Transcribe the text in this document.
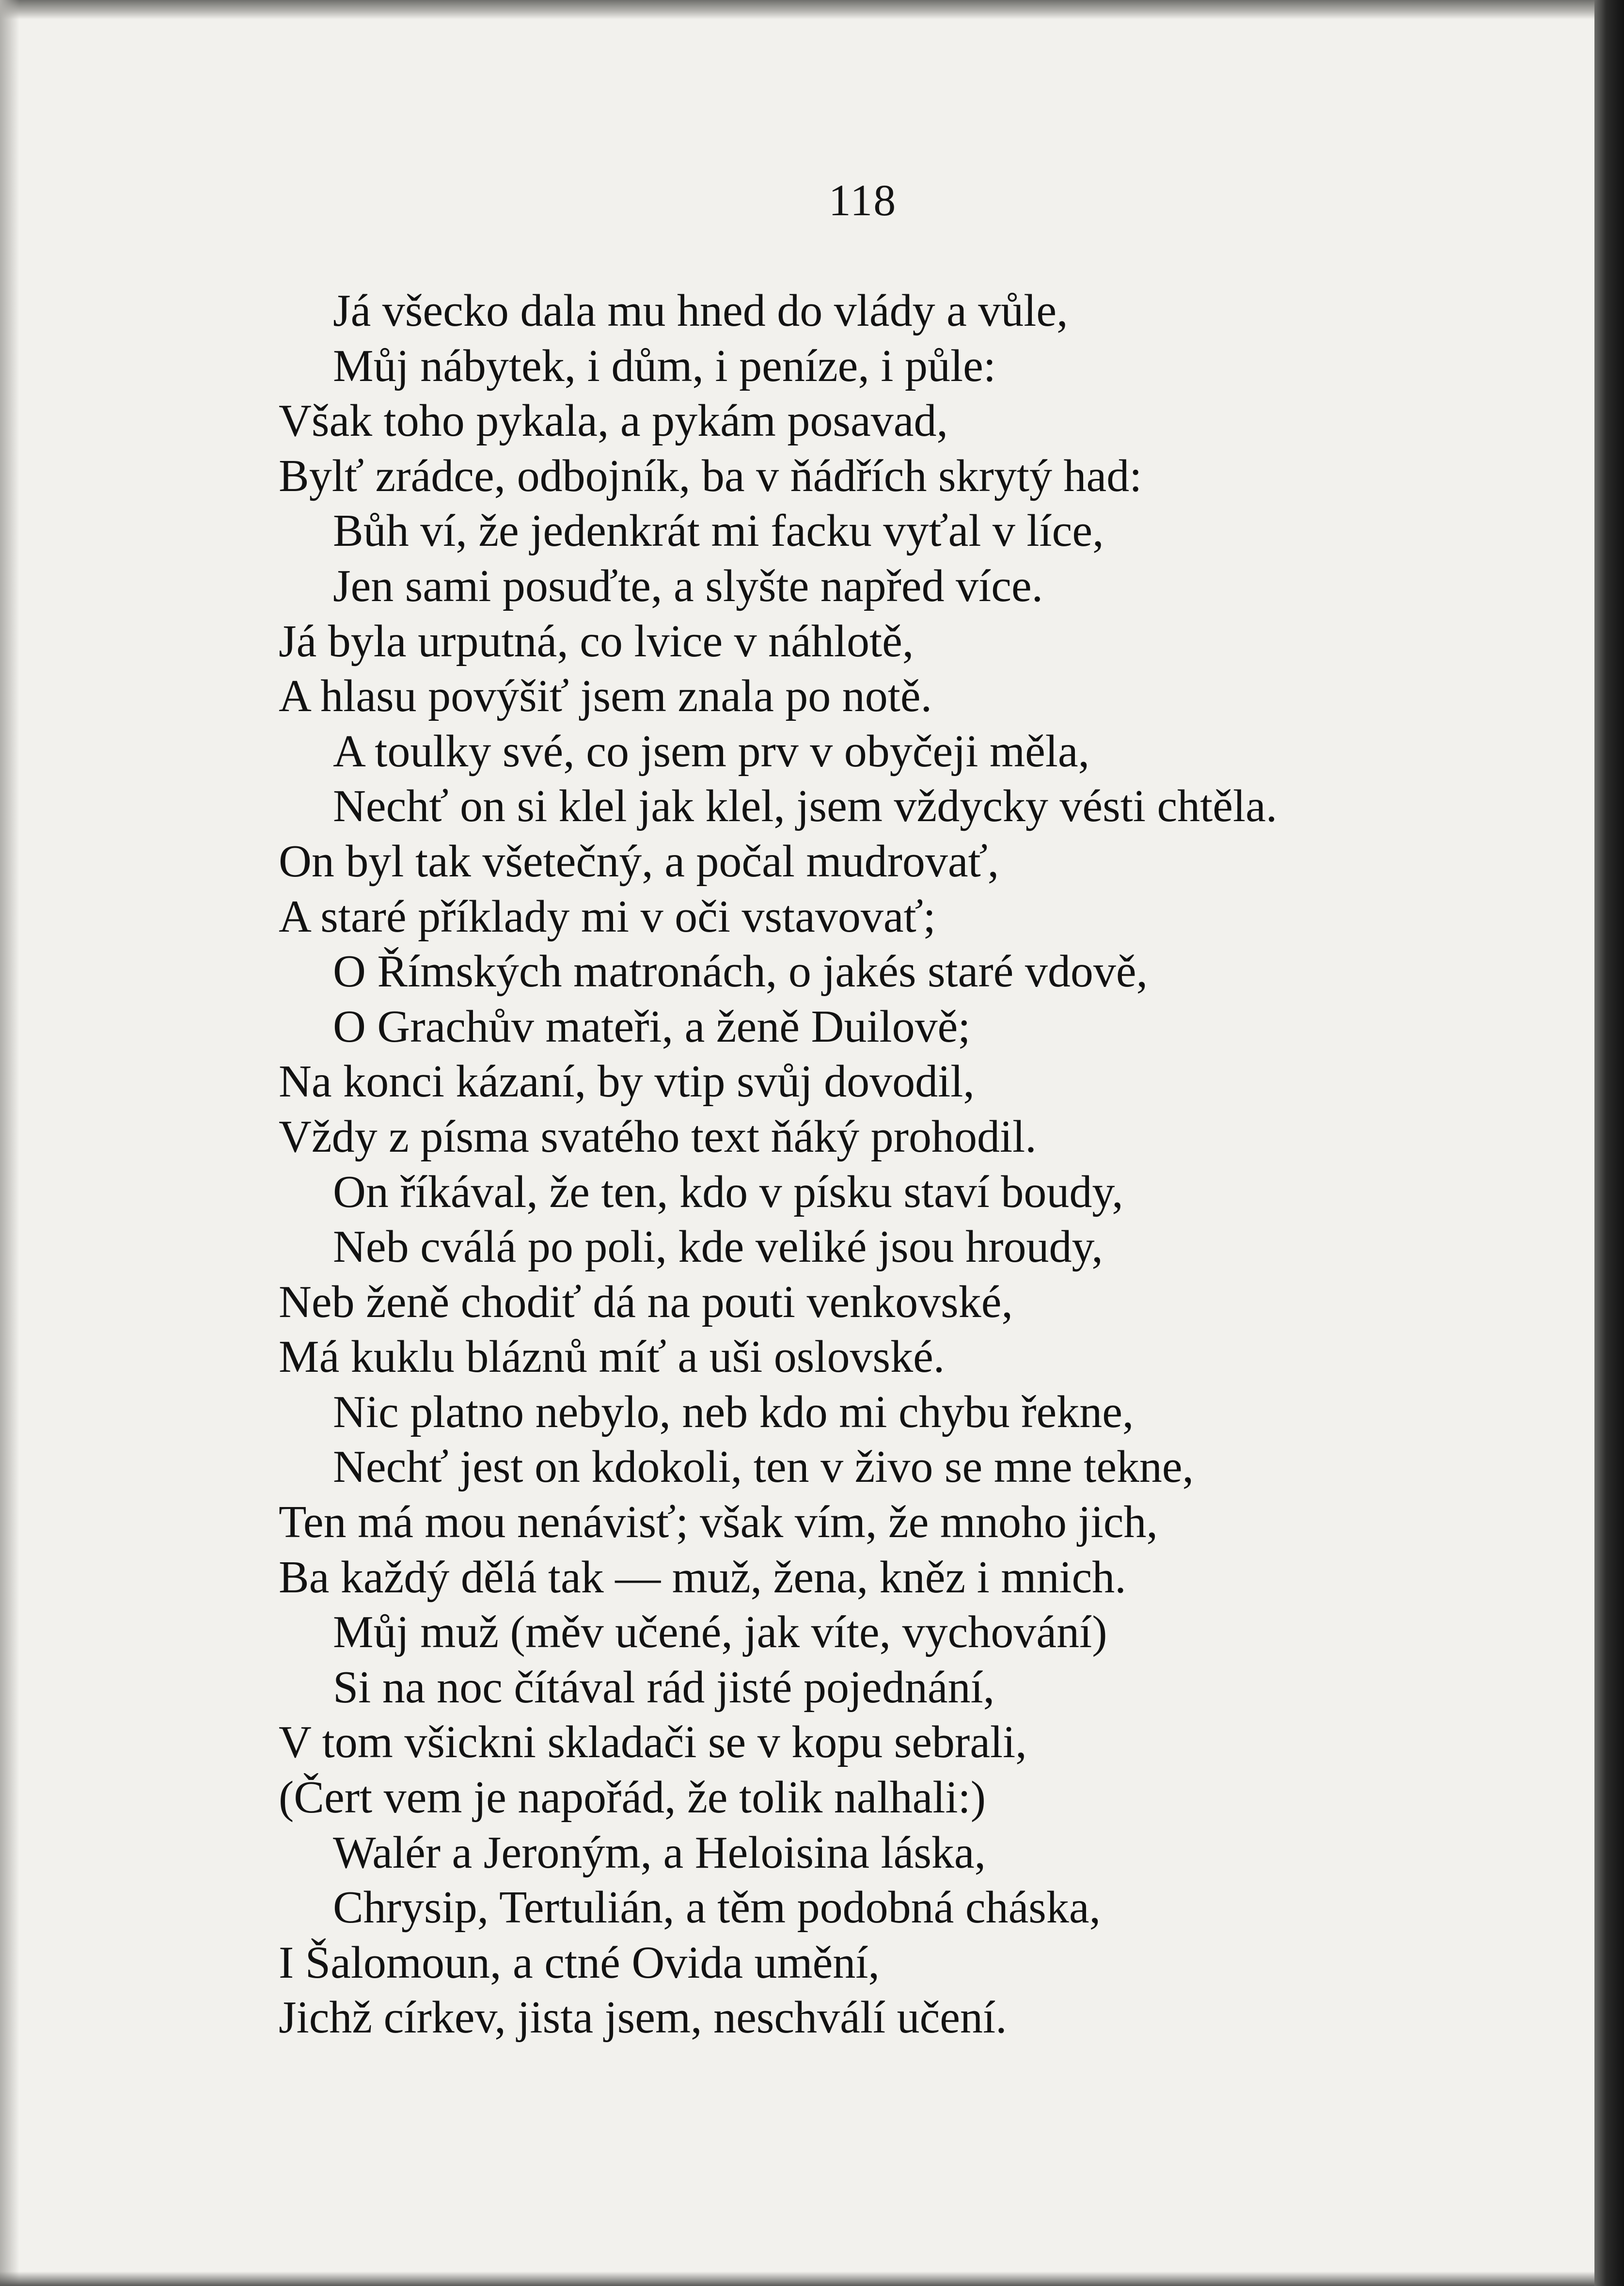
118
Já všecko dala mu hned do vlády a vůle,
Můj nábytek, i dům, i peníze, i půle:
Však toho pykala, a pykám posavad,
Bylť zrádce, odbojník, ba v ňádřích skrytý had:
Bůh ví, že jedenkrát mi facku vyťal v líce,
Jen sami posuďte, a slyšte napřed více.
Já byla urputná, co lvice v náhlotě,
A hlasu povýšiť jsem znala po notě.
A toulky své, co jsem prv v obyčeji měla,
Nechť on si klel jak klel, jsem vždycky vésti chtěla.
On byl tak všetečný, a počal mudrovať,
A staré příklady mi v oči vstavovať;
O Římských matronách, o jakés staré vdově,
O Grachův mateři, a ženě Duilově;
Na konci kázaní, by vtip svůj dovodil,
Vždy z písma svatého text ňáký prohodil.
On říkával, že ten, kdo v písku staví boudy,
Neb cválá po poli, kde veliké jsou hroudy,
Neb ženě chodiť dá na pouti venkovské,
Má kuklu bláznů míť a uši oslovské.
Nic platno nebylo, neb kdo mi chybu řekne,
Nechť jest on kdokoli, ten v živo se mne tekne,
Ten má mou nenávisť; však vím, že mnoho jich,
Ba každý dělá tak — muž, žena, kněz i mnich.
Můj muž (měv učené, jak víte, vychování)
Si na noc čítával rád jisté pojednání,
V tom všickni skladači se v kopu sebrali,
(Čert vem je napořád, že tolik nalhali:)
Walér a Jeroným, a Heloisina láska,
Chrysip, Tertulián, a těm podobná cháska,
I Šalomoun, a ctné Ovida umění,
Jichž církev, jista jsem, neschválí učení.
